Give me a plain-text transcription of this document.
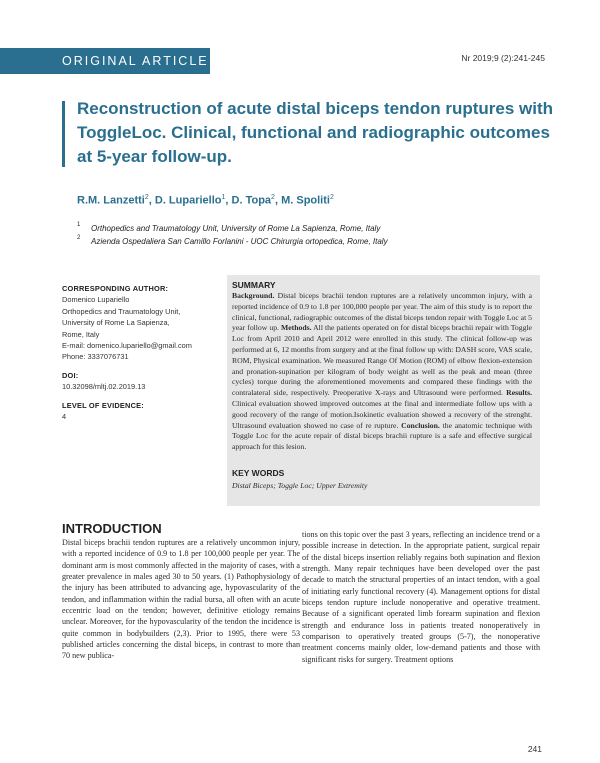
ORIGINAL ARTICLE	Nr 2019;9 (2):241-245
Reconstruction of acute distal biceps tendon ruptures with ToggleLoc. Clinical, functional and radiographic outcomes at 5-year follow-up.
R.M. Lanzetti$^2$, D. Lupariello$^1$, D. Topa$^2$, M. Spoliti$^2$
1 Orthopedics and Traumatology Unit, University of Rome La Sapienza, Rome, Italy
2 Azienda Ospedaliera San Camillo Forlanini - UOC Chirurgia ortopedica, Rome, Italy
CORRESPONDING AUTHOR:
Domenico Lupariello
Orthopedics and Traumatology Unit,
University of Rome La Sapienza,
Rome, Italy
E-mail: domenico.lupariello@gmail.com
Phone: 3337076731
DOI:
10.32098/mltj.02.2019.13
LEVEL OF EVIDENCE:
4
SUMMARY
Background. Distal biceps brachii tendon ruptures are a relatively uncommon injury, with a reported incidence of 0.9 to 1.8 per 100,000 people per year. The aim of this study is to report the clinical, functional, radiographic outcomes of the distal biceps tendon repair with Toggle Loc at 5 year follow up. Methods. All the patients operated on for distal biceps brachii repair with Toggle Loc from April 2010 and April 2012 were enrolled in this study. The clinical follow-up was performed at 6, 12 months from surgery and at the final follow up with: DASH score, VAS scale, ROM, Physical examination. We measured Range Of Motion (ROM) of elbow flexion-extension and pronation-supination per kilogram of body weight as well as the peak and mean (three cycles) torque during the aforementioned movements and compared these findings with the contralateral side, respectively. Preoperative X-rays and Ultrasound were performed. Results. Clinical evaluation showed improved outcomes at the final and intermediate follow ups with a good recovery of the range of motion.Isokinetic evaluation showed a recovery of the strenght. Ultrasound evaluation showed no case of re rupture. Conclusion. the anatomic technique with Toggle Loc for the acute repair of distal biceps brachii rupture is a safe and effective surgical approach for this lesion.
KEY WORDS
Distal Biceps; Toggle Loc; Upper Extremity
INTRODUCTION
Distal biceps brachii tendon ruptures are a relatively uncommon injury, with a reported incidence of 0.9 to 1.8 per 100,000 people per year. The dominant arm is most commonly affected in the majority of cases, with a greater prevalence in males aged 30 to 50 years. (1) Pathophysiology of the injury has been attributed to advancing age, hypovascularity of the tendon, and inflammation within the radial bursa, all often with an acute eccentric load on the tendon; however, definitive etiology remains unclear. Moreover, for the hypovascularity of the tendon the incidence is quite common in bodybuilders (2,3). Prior to 1995, there were 53 published articles concerning the distal biceps, in contrast to more than 70 new publica-
tions on this topic over the past 3 years, reflecting an incidence trend or a possible increase in detection. In the appropriate patient, surgical repair of the distal biceps insertion reliably regains both supination and flexion strength. Many repair techniques have been developed over the past decade to match the structural properties of an intact tendon, with a goal of initiating early functional recovery (4). Management options for distal biceps tendon rupture include nonoperative and operative treatment. Because of a significant operated limb forearm supination and flexion strength and endurance loss in patients treated nonoperatively in comparison to operatively treated groups (5-7), the nonoperative treatment concerns mainly older, low-demand patients and those with significant risks for surgery. Treatment options
241
